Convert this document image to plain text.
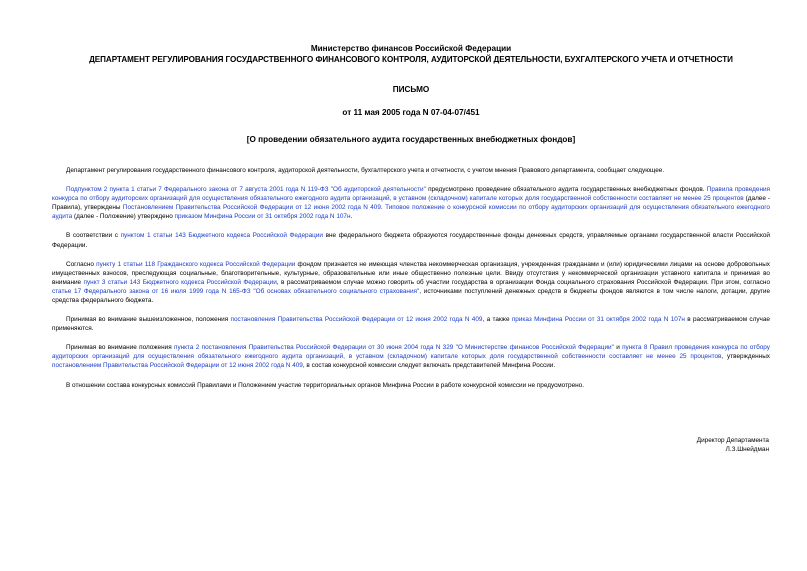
Министерство финансов Российской Федерации

ДЕПАРТАМЕНТ РЕГУЛИРОВАНИЯ ГОСУДАРСТВЕННОГО ФИНАНСОВОГО КОНТРОЛЯ, АУДИТОРСКОЙ ДЕЯТЕЛЬНОСТИ, БУХГАЛТЕРСКОГО УЧЕТА И ОТЧЕТНОСТИ

ПИСЬМО

от 11 мая 2005 года N 07-04-07/451

[О проведении обязательного аудита государственных внебюджетных фондов]

Департамент регулирования государственного финансового контроля, аудиторской деятельности, бухгалтерского учета и отчетности, с учетом мнения Правового департамента, сообщает следующее.

Подпунктом 2 пункта 1 статьи 7 Федерального закона от 7 августа 2001 года N 119-ФЗ "Об аудиторской деятельности" предусмотрено проведение обязательного аудита государственных внебюджетных фондов. Правила проведения конкурса по отбору аудиторских организаций для осуществления обязательного ежегодного аудита организаций, в уставном (складочном) капитале которых доля государственной собственности составляет не менее 25 процентов (далее - Правила), утверждены Постановлением Правительства Российской Федерации от 12 июня 2002 года N 409. Типовое положение о конкурсной комиссии по отбору аудиторских организаций для осуществления обязательного ежегодного аудита (далее - Положение) утверждено приказом Минфина России от 31 октября 2002 года N 107н.

В соответствии с пунктом 1 статьи 143 Бюджетного кодекса Российской Федерации вне федерального бюджета образуются государственные фонды денежных средств, управляемые органами государственной власти Российской Федерации.

Согласно пункту 1 статьи 118 Гражданского кодекса Российской Федерации фондом признается не имеющая членства некоммерческая организация, учрежденная гражданами и (или) юридическими лицами на основе добровольных имущественных взносов, преследующая социальные, благотворительные, культурные, образовательные или иные общественно полезные цели. Ввиду отсутствия у некоммерческой организации уставного капитала и принимая во внимание пункт 3 статьи 143 Бюджетного кодекса Российской Федерации, в рассматриваемом случае можно говорить об участии государства в организации Фонда социального страхования Российской Федерации. При этом, согласно статье 17 Федерального закона от 16 июля 1999 года N 165-ФЗ "Об основах обязательного социального страхования", источниками поступлений денежных средств в бюджеты фондов являются в том числе налоги, дотации, другие средства федерального бюджета.

Принимая во внимание вышеизложенное, положения постановления Правительства Российской Федерации от 12 июня 2002 года N 409, а также приказ Минфина России от 31 октября 2002 года N 107н в рассматриваемом случае применяются.

Принимая во внимание положения пункта 2 постановления Правительства Российской Федерации от 30 июня 2004 года N 329 "О Министерстве финансов Российской Федерации" и пункта 8 Правил проведения конкурса по отбору аудиторских организаций для осуществления обязательного ежегодного аудита организаций, в уставном (складочном) капитале которых доля государственной собственности составляет не менее 25 процентов, утвержденных постановлением Правительства Российской Федерации от 12 июня 2002 года N 409, в состав конкурсной комиссии следует включать представителей Минфина России.

В отношении состава конкурсных комиссий Правилами и Положением участие территориальных органов Минфина России в работе конкурсной комиссии не предусмотрено.

Директор Департамента
Л.З.Шнейдман
